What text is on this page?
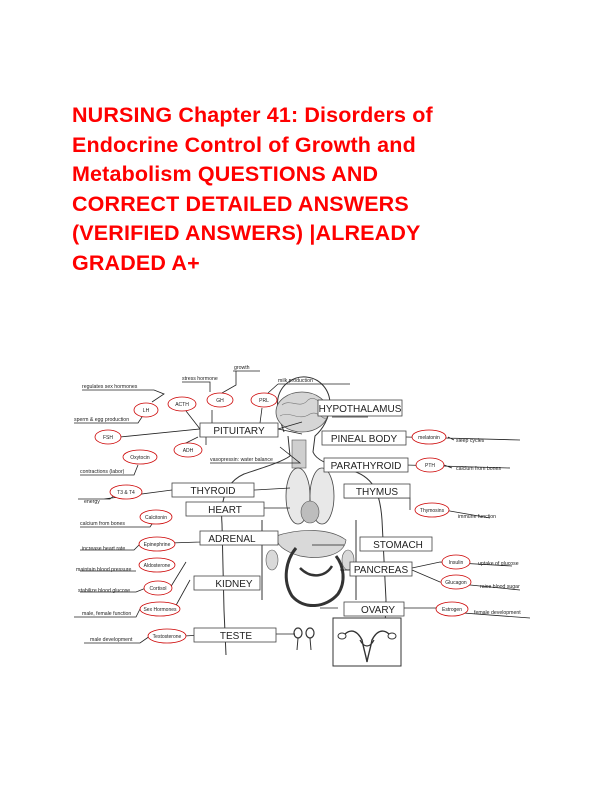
NURSING Chapter 41: Disorders of
Endocrine Control of Growth and
Metabolism QUESTIONS AND
CORRECT DETAILED ANSWERS
(VERIFIED ANSWERS) |ALREADY
GRADED A+
HYPOTHALAMUS
PITUITARY
PINEAL BODY
PARATHYROID
THYROID	THYMUS
HEART
ADRENAL
STOMACH
PANCREAS
KIDNEY
OVARY
TESTE
GH
ACTH
PRL
LH
FSH
ADH
Oxytocin
melatonin
PTH
T3 & T4
Calcitonin
Thymosins
Epinephrine
Aldosterone
Cortisol
Sex Hormones
Testosterone
Insulin
Glucagon
Estrogen
growth
stress hormone	milk production
regulates sex hormones
sperm & egg production
vasopressin: water balance
contractions (labor)
sleep cycles
calcium from bones
energy
calcium from bones
immune function
increase heart rate
maintain blood pressure
stabilize blood glucose
male, female function
male development
uptake of glucose
raise blood sugar
female development
